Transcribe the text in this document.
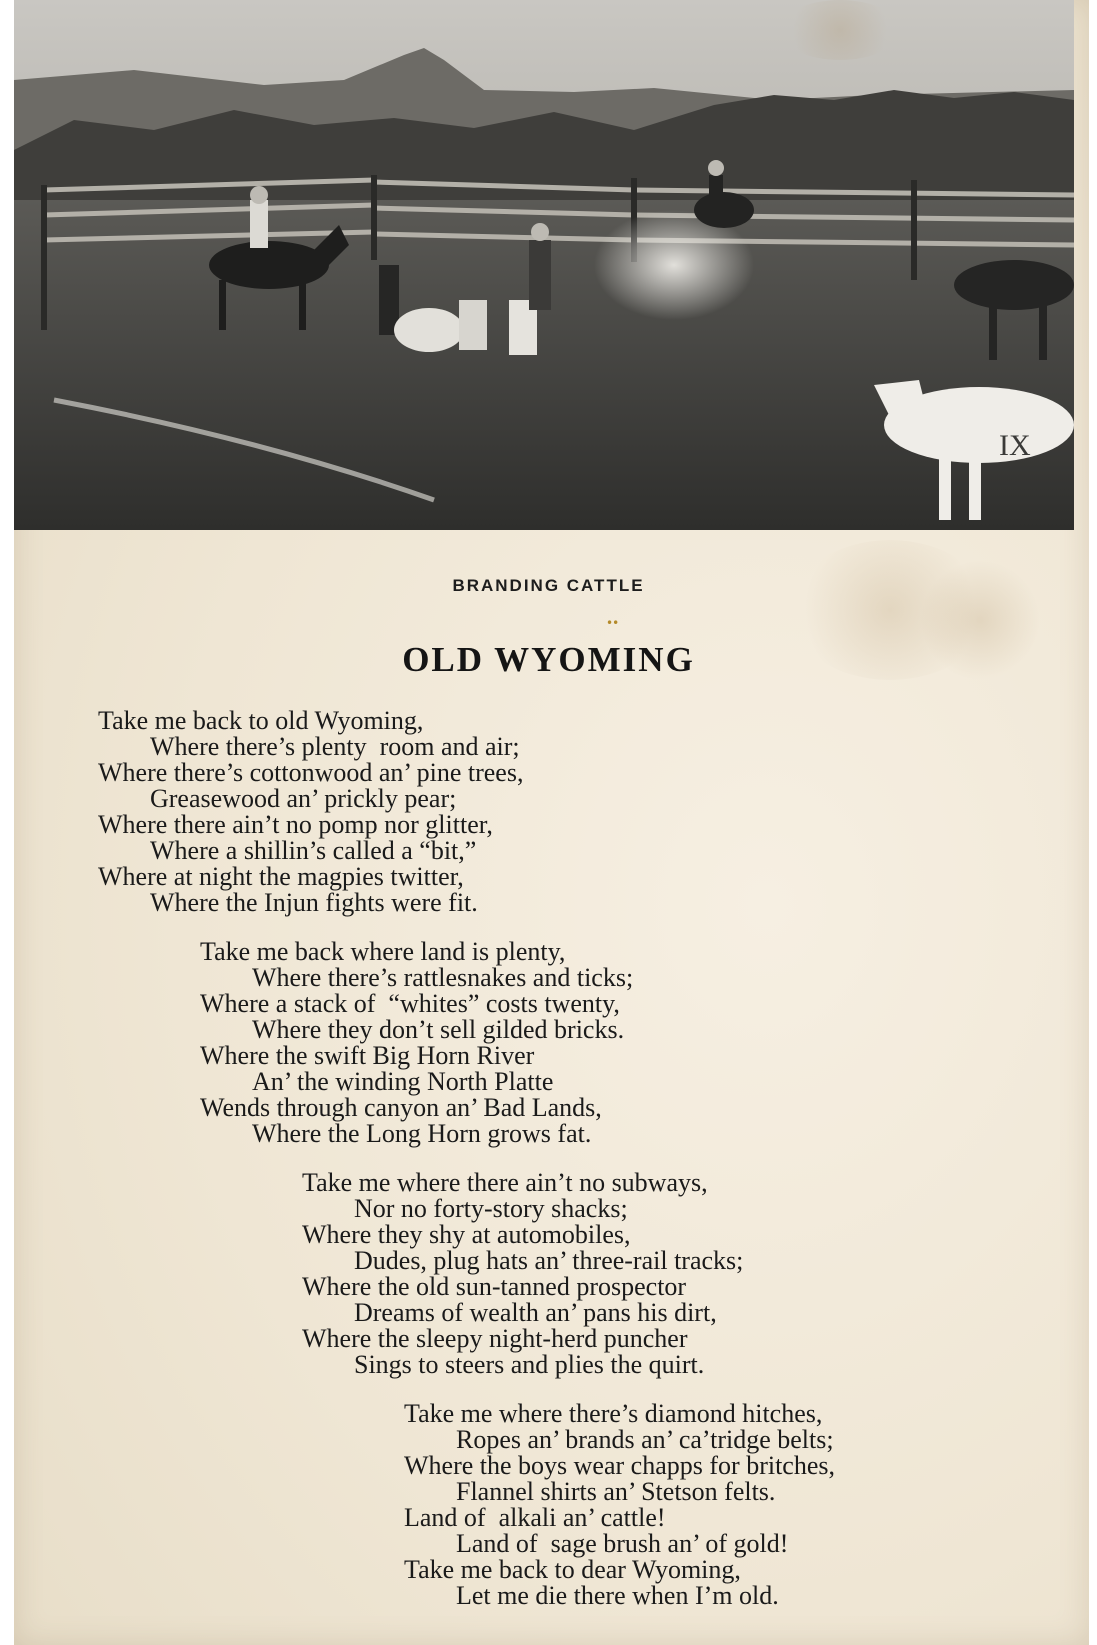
IX
BRANDING CATTLE
••
OLD WYOMING
Take me back to old Wyoming,
Where there’s plenty  room and air;
Where there’s cottonwood an’ pine trees,
Greasewood an’ prickly pear;
Where there ain’t no pomp nor glitter,
Where a shillin’s called a “bit,”
Where at night the magpies twitter,
Where the Injun fights were fit.
Take me back where land is plenty,
Where there’s rattlesnakes and ticks;
Where a stack of  “whites” costs twenty,
Where they don’t sell gilded bricks.
Where the swift Big Horn River
An’ the winding North Platte
Wends through canyon an’ Bad Lands,
Where the Long Horn grows fat.
Take me where there ain’t no subways,
Nor no forty-story shacks;
Where they shy at automobiles,
Dudes, plug hats an’ three-rail tracks;
Where the old sun-tanned prospector
Dreams of wealth an’ pans his dirt,
Where the sleepy night-herd puncher
Sings to steers and plies the quirt.
Take me where there’s diamond hitches,
Ropes an’ brands an’ ca’tridge belts;
Where the boys wear chapps for britches,
Flannel shirts an’ Stetson felts.
Land of  alkali an’ cattle!
Land of  sage brush an’ of gold!
Take me back to dear Wyoming,
Let me die there when I’m old.
